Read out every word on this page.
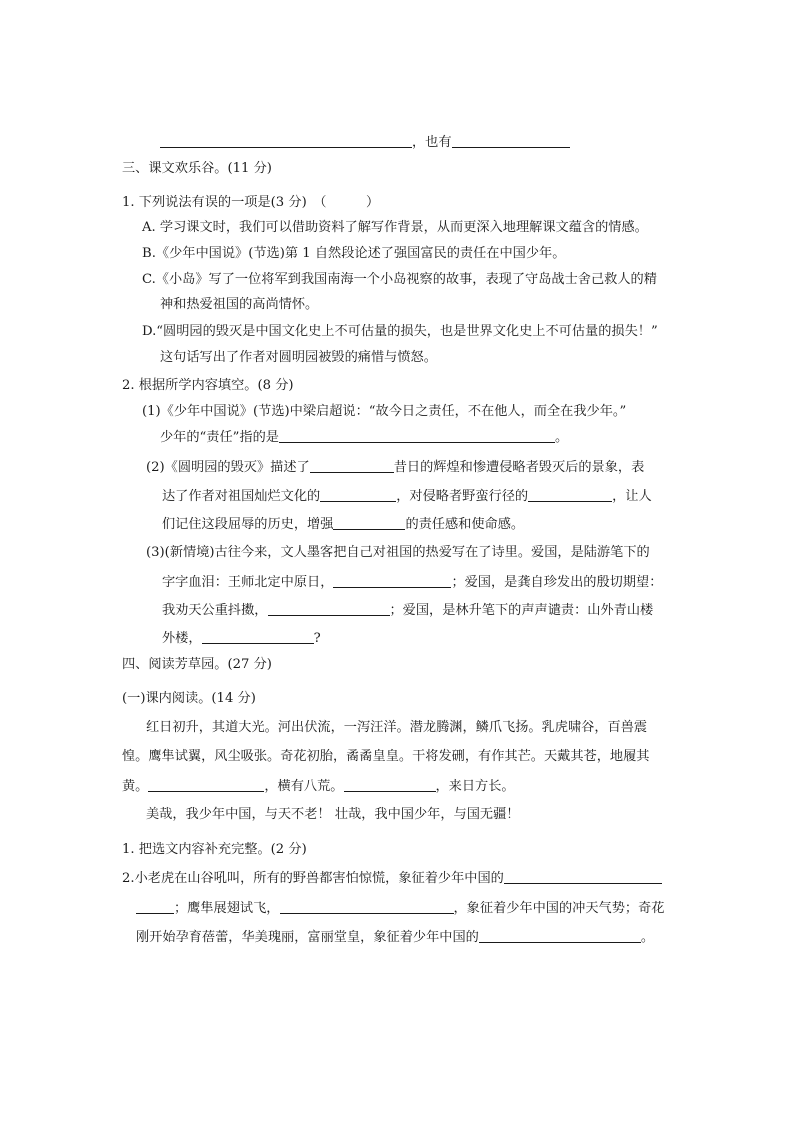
，也有
三、课文欢乐谷。(11 分)
1. 下列说法有误的一项是(3 分)　（　　　）
A. 学习课文时，我们可以借助资料了解写作背景，从而更深入地理解课文蕴含的情感。
B.《少年中国说》(节选)第 1 自然段论述了强国富民的责任在中国少年。
C.《小岛》写了一位将军到我国南海一个小岛视察的故事，表现了守岛战士舍己救人的精
神和热爱祖国的高尚情怀。
D.“圆明园的毁灭是中国文化史上不可估量的损失，也是世界文化史上不可估量的损失！”
这句话写出了作者对圆明园被毁的痛惜与愤怒。
2. 根据所学内容填空。(8 分)
(1)《少年中国说》(节选)中梁启超说：“故今日之责任，不在他人，而全在我少年。”
少年的“责任”指的是	。
(2)《圆明园的毁灭》描述了	昔日的辉煌和惨遭侵略者毁灭后的景象，表
达了作者对祖国灿烂文化的	，对侵略者野蛮行径的	，让人
们记住这段屈辱的历史，增强	的责任感和使命感。
(3)(新情境)古往今来，文人墨客把自己对祖国的热爱写在了诗里。爱国，是陆游笔下的
字字血泪：王师北定中原日，	；爱国，是龚自珍发出的殷切期望：
我劝天公重抖擞，	；爱国，是林升笔下的声声谴责：山外青山楼
外楼，	?
四、阅读芳草园。(27 分)
(一)课内阅读。(14 分)
红日初升，其道大光。河出伏流，一泻汪洋。潜龙腾渊，鳞爪飞扬。乳虎啸谷，百兽震
惶。鹰隼试翼，风尘吸张。奇花初胎，矞矞皇皇。干将发硎，有作其芒。天戴其苍，地履其
黄。	，横有八荒。	，来日方长。
美哉，我少年中国，与天不老！ 壮哉，我中国少年，与国无疆！
1. 把选文内容补充完整。(2 分)
2.小老虎在山谷吼叫，所有的野兽都害怕惊慌，象征着少年中国的
；鹰隼展翅试飞，	，象征着少年中国的冲天气势；奇花
刚开始孕育蓓蕾，华美瑰丽，富丽堂皇，象征着少年中国的	。
